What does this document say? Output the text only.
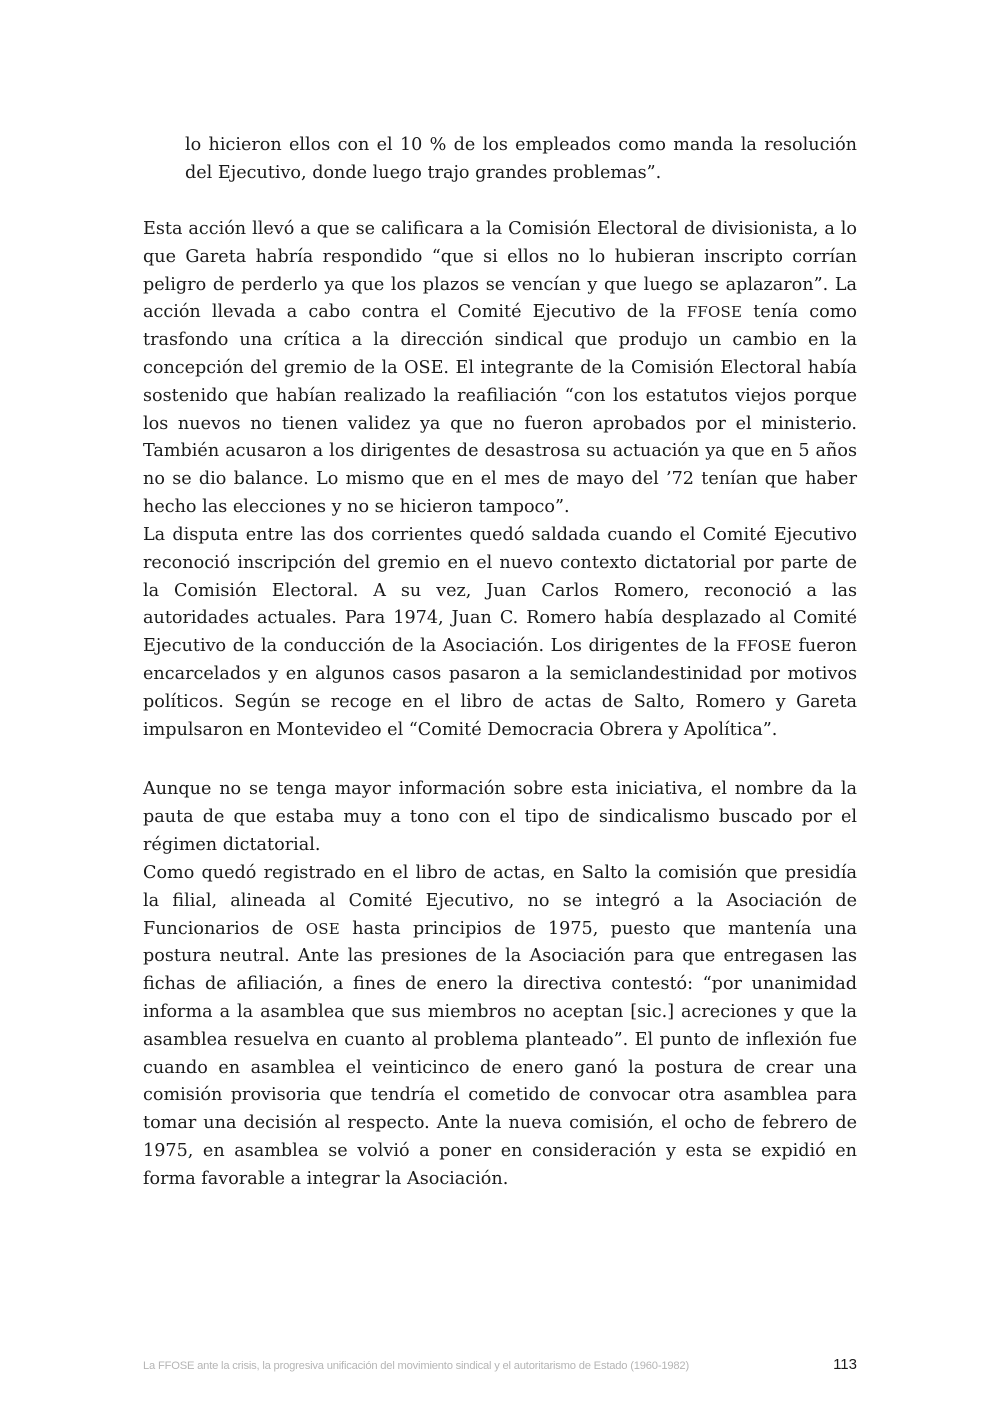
lo hicieron ellos con el 10 % de los empleados como manda la resolución del Ejecutivo, donde luego trajo grandes problemas”.

Esta acción llevó a que se calificara a la Comisión Electoral de divisionista, a lo que Gareta habría respondido “que si ellos no lo hubieran inscripto corrían peligro de perderlo ya que los plazos se vencían y que luego se aplazaron”. La acción llevada a cabo contra el Comité Ejecutivo de la FFOSE tenía como trasfondo una crítica a la dirección sindical que produjo un cambio en la concepción del gremio de la OSE. El integrante de la Comisión Electoral había sostenido que habían realizado la reafiliación “con los estatutos viejos porque los nuevos no tienen validez ya que no fueron aprobados por el ministerio. También acusaron a los dirigentes de desastrosa su actuación ya que en 5 años no se dio balance. Lo mismo que en el mes de mayo del ’72 tenían que haber hecho las elecciones y no se hicieron tampoco”.

La disputa entre las dos corrientes quedó saldada cuando el Comité Ejecutivo reconoció inscripción del gremio en el nuevo contexto dictatorial por parte de la Comisión Electoral. A su vez, Juan Carlos Romero, reconoció a las autoridades actuales. Para 1974, Juan C. Romero había desplazado al Comité Ejecutivo de la conducción de la Asociación. Los dirigentes de la FFOSE fueron encarcelados y en algunos casos pasaron a la semiclandestinidad por motivos políticos. Según se recoge en el libro de actas de Salto, Romero y Gareta impulsaron en Montevideo el “Comité Democracia Obrera y Apolítica”.

Aunque no se tenga mayor información sobre esta iniciativa, el nombre da la pauta de que estaba muy a tono con el tipo de sindicalismo buscado por el régimen dictatorial.

Como quedó registrado en el libro de actas, en Salto la comisión que presidía la filial, alineada al Comité Ejecutivo, no se integró a la Asociación de Funcionarios de OSE hasta principios de 1975, puesto que mantenía una postura neutral. Ante las presiones de la Asociación para que entregasen las fichas de afiliación, a fines de enero la directiva contestó: “por unanimidad informa a la asamblea que sus miembros no aceptan [sic.] acreciones y que la asamblea resuelva en cuanto al problema planteado”. El punto de inflexión fue cuando en asamblea el veinticinco de enero ganó la postura de crear una comisión provisoria que tendría el cometido de convocar otra asamblea para tomar una decisión al respecto. Ante la nueva comisión, el ocho de febrero de 1975, en asamblea se volvió a poner en consideración y esta se expidió en forma favorable a integrar la Asociación.

La FFOSE ante la crisis, la progresiva unificación del movimiento sindical y el autoritarismo de Estado (1960-1982)	113
